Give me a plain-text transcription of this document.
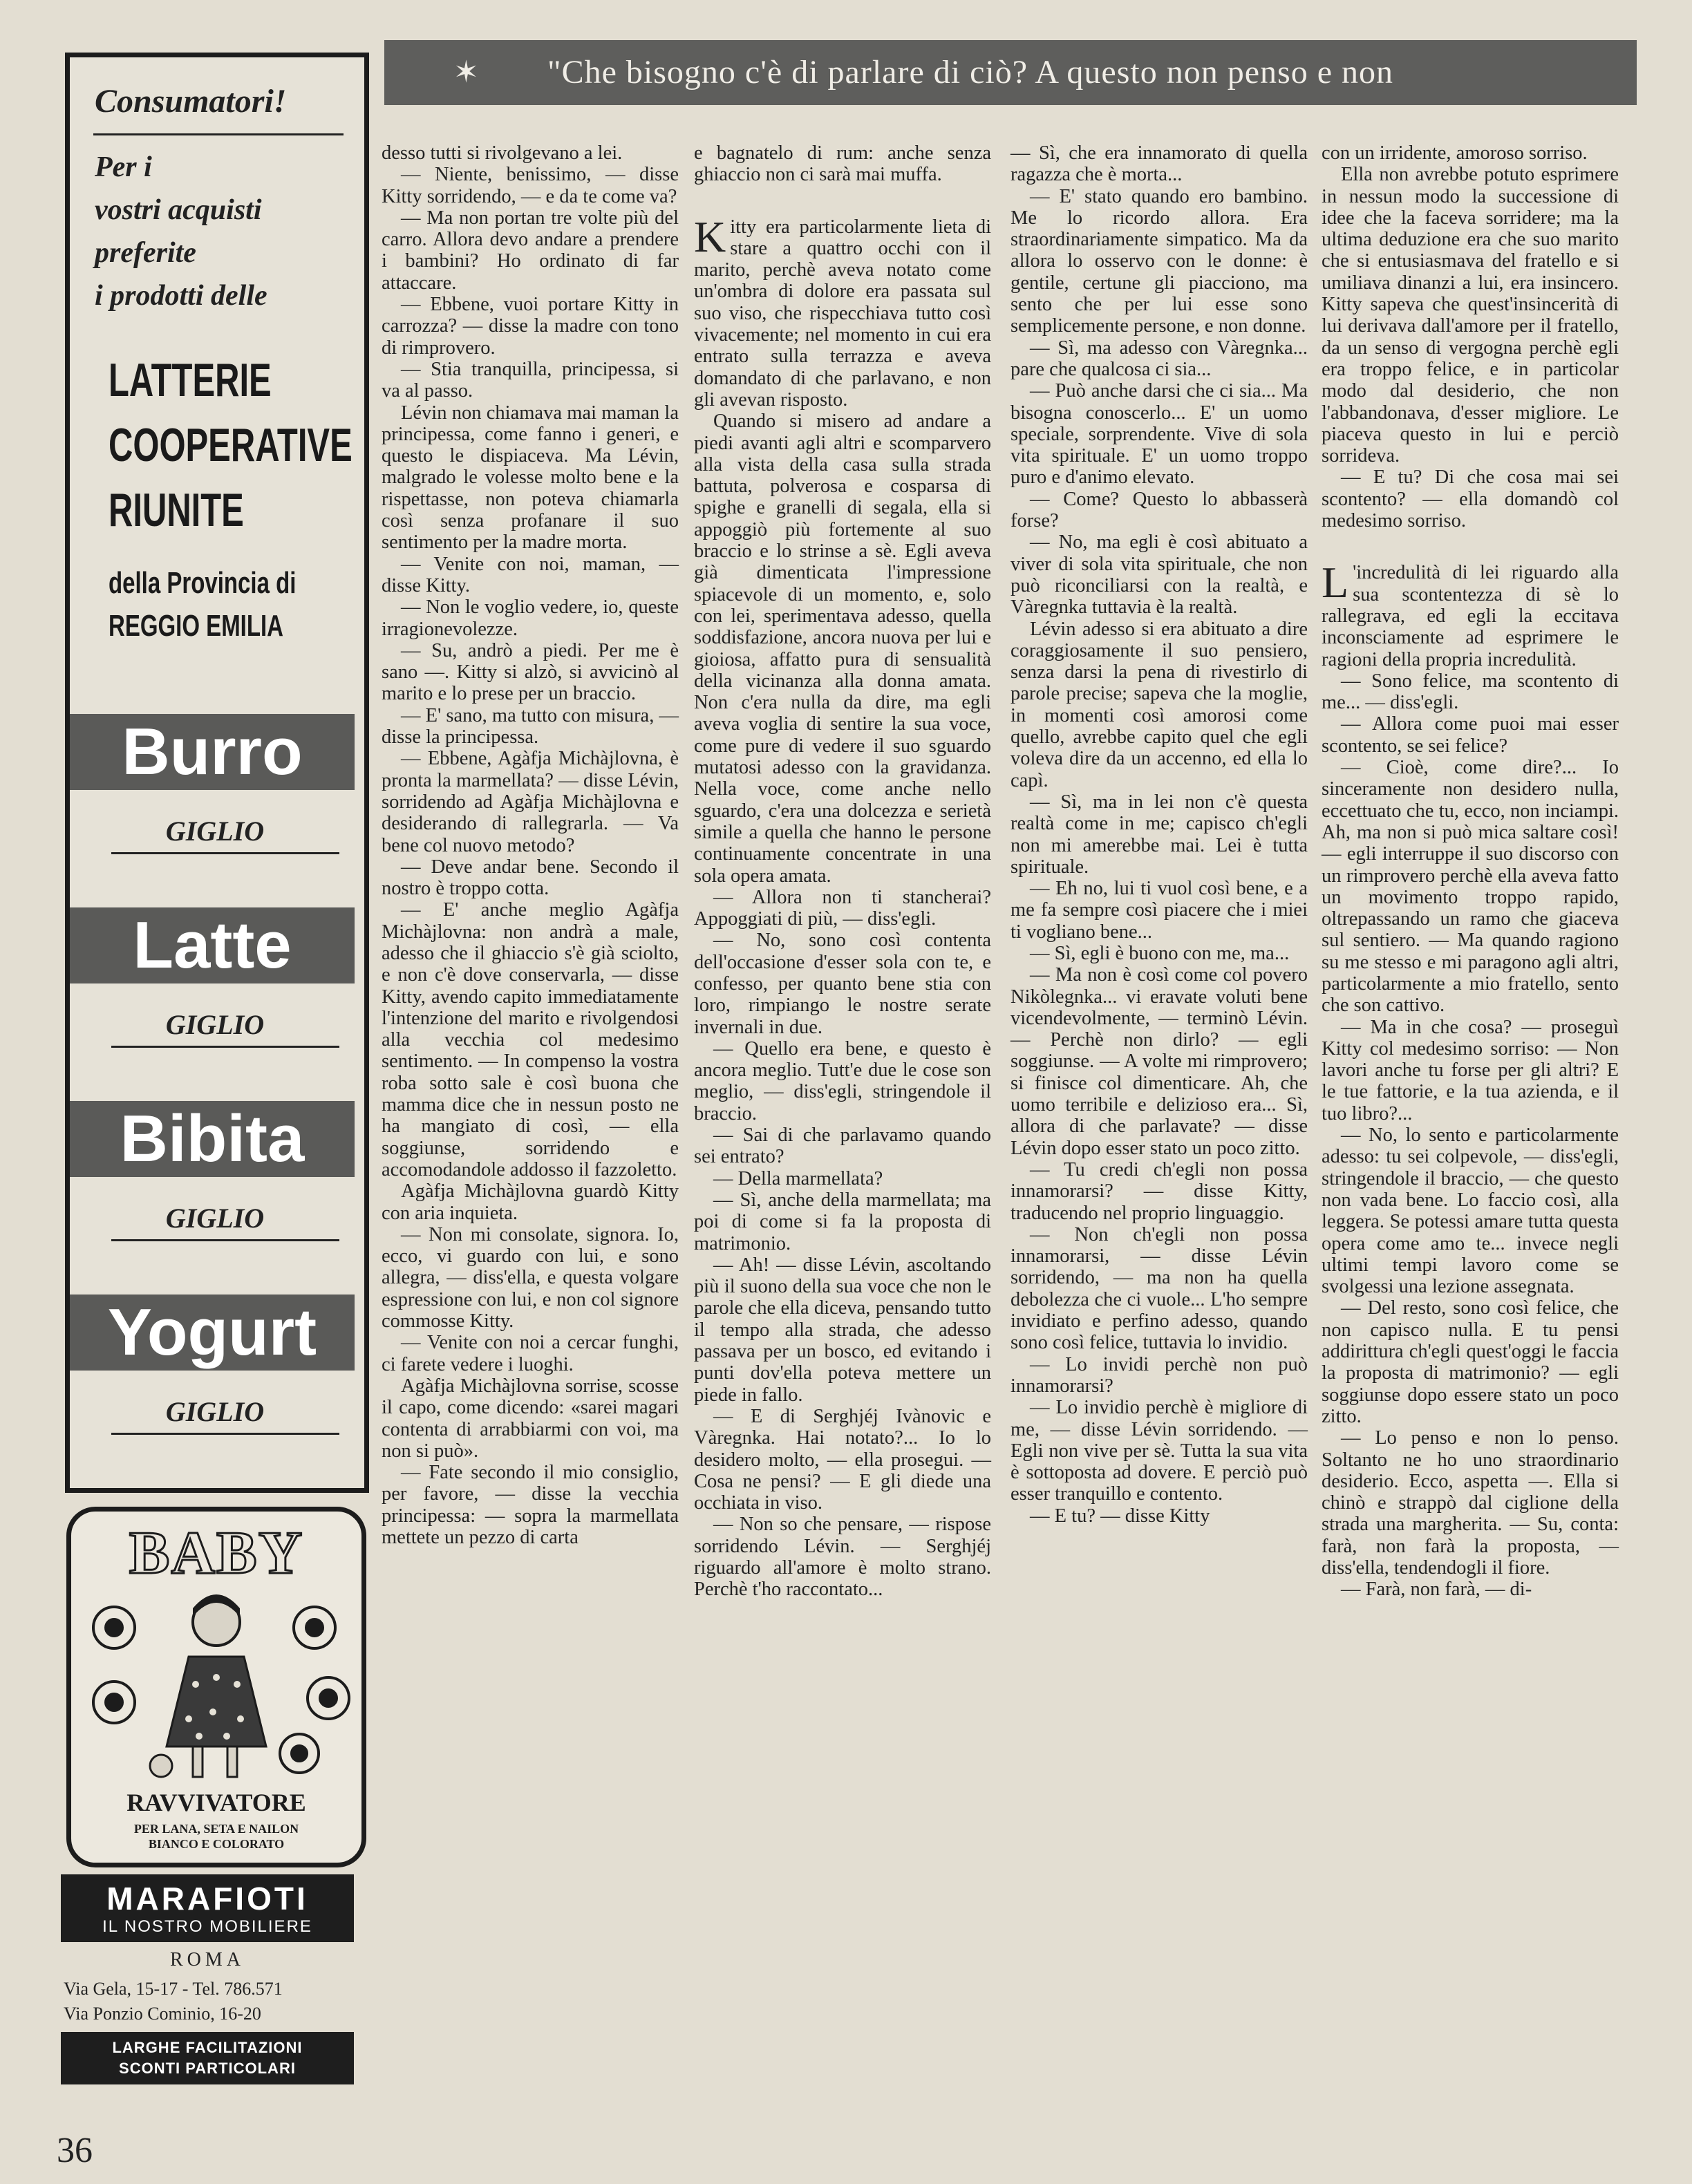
✶ "Che bisogno c'è di parlare di ciò? A questo non penso e non
Consumatori!
Per i
vostri acquisti
preferite
i prodotti delle
LATTERIE
COOPERATIVE
RIUNITE
della Provincia di
REGGIO EMILIA
Burro
GIGLIO
Latte
GIGLIO
Bibita
GIGLIO
Yogurt
GIGLIO
BABY
RAVVIVATORE
PER LANA, SETA E NAILON
BIANCO E COLORATO
MARAFIOTI
IL NOSTRO MOBILIERE
ROMA
Via Gela, 15-17 - Tel. 786.571
Via Ponzio Cominio, 16-20
LARGHE FACILITAZIONI
SCONTI PARTICOLARI
36

desso tutti si rivolgevano a lei.

— Niente, benissimo, — disse Kitty sorridendo, — e da te come va?

— Ma non portan tre volte più del carro. Allora devo andare a prendere i bambini? Ho ordinato di far attaccare.

— Ebbene, vuoi portare Kitty in carrozza? — disse la madre con tono di rimprovero.

— Stia tranquilla, principessa, si va al passo.

Lévin non chiamava mai maman la principessa, come fanno i generi, e questo le dispiaceva. Ma Lévin, malgrado le volesse molto bene e la rispettasse, non poteva chiamarla così senza profanare il suo sentimento per la madre morta.

— Venite con noi, maman, — disse Kitty.

— Non le voglio vedere, io, queste irragionevolezze.

— Su, andrò a piedi. Per me è sano —. Kitty si alzò, si avvicinò al marito e lo prese per un braccio.

— E' sano, ma tutto con misura, — disse la principessa.

— Ebbene, Agàfja Michàjlovna, è pronta la marmellata? — disse Lévin, sorridendo ad Agàfja Michàjlovna e desiderando di rallegrarla. — Va bene col nuovo metodo?

— Deve andar bene. Secondo il nostro è troppo cotta.

— E' anche meglio Agàfja Michàjlovna: non andrà a male, adesso che il ghiaccio s'è già sciolto, e non c'è dove conservarla, — disse Kitty, avendo capito immediatamente l'intenzione del marito e rivolgendosi alla vecchia col medesimo sentimento. — In compenso la vostra roba sotto sale è così buona che mamma dice che in nessun posto ne ha mangiato di così, — ella soggiunse, sorridendo e accomodandole addosso il fazzoletto.

Agàfja Michàjlovna guardò Kitty con aria inquieta.

— Non mi consolate, signora. Io, ecco, vi guardo con lui, e sono allegra, — diss'ella, e questa volgare espressione con lui, e non col signore commosse Kitty.

— Venite con noi a cercar funghi, ci farete vedere i luoghi.

Agàfja Michàjlovna sorrise, scosse il capo, come dicendo: «sarei magari contenta di arrabbiarmi con voi, ma non si può».

— Fate secondo il mio consiglio, per favore, — disse la vecchia principessa: — sopra la marmellata mettete un pezzo di carta

e bagnatelo di rum: anche senza ghiaccio non ci sarà mai muffa.

Kitty era particolarmente lieta di stare a quattro occhi con il marito, perchè aveva notato come un'ombra di dolore era passata sul suo viso, che rispecchiava tutto così vivacemente; nel momento in cui era entrato sulla terrazza e aveva domandato di che parlavano, e non gli avevan risposto.

Quando si misero ad andare a piedi avanti agli altri e scomparvero alla vista della casa sulla strada battuta, polverosa e cosparsa di spighe e granelli di segala, ella si appoggiò più fortemente al suo braccio e lo strinse a sè. Egli aveva già dimenticata l'impressione spiacevole di un momento, e, solo con lei, sperimentava adesso, quella soddisfazione, ancora nuova per lui e gioiosa, affatto pura di sensualità della vicinanza alla donna amata. Non c'era nulla da dire, ma egli aveva voglia di sentire la sua voce, come pure di vedere il suo sguardo mutatosi adesso con la gravidanza. Nella voce, come anche nello sguardo, c'era una dolcezza e serietà simile a quella che hanno le persone continuamente concentrate in una sola opera amata.

— Allora non ti stancherai? Appoggiati di più, — diss'egli.

— No, sono così contenta dell'occasione d'esser sola con te, e confesso, per quanto bene stia con loro, rimpiango le nostre serate invernali in due.

— Quello era bene, e questo è ancora meglio. Tutt'e due le cose son meglio, — diss'egli, stringendole il braccio.

— Sai di che parlavamo quando sei entrato?

— Della marmellata?

— Sì, anche della marmellata; ma poi di come si fa la proposta di matrimonio.

— Ah! — disse Lévin, ascoltando più il suono della sua voce che non le parole che ella diceva, pensando tutto il tempo alla strada, che adesso passava per un bosco, ed evitando i punti dov'ella poteva mettere un piede in fallo.

— E di Serghjéj Ivànovic e Vàregnka. Hai notato?... Io lo desidero molto, — ella prosegui. — Cosa ne pensi? — E gli diede una occhiata in viso.

— Non so che pensare, — rispose sorridendo Lévin. — Serghjéj riguardo all'amore è molto strano. Perchè t'ho raccontato...

— Sì, che era innamorato di quella ragazza che è morta...

— E' stato quando ero bambino. Me lo ricordo allora. Era straordinariamente simpatico. Ma da allora lo osservo con le donne: è gentile, certune gli piacciono, ma sento che per lui esse sono semplicemente persone, e non donne.

— Sì, ma adesso con Vàregnka... pare che qualcosa ci sia...

— Può anche darsi che ci sia... Ma bisogna conoscerlo... E' un uomo speciale, sorprendente. Vive di sola vita spirituale. E' un uomo troppo puro e d'animo elevato.

— Come? Questo lo abbasserà forse?

— No, ma egli è così abituato a viver di sola vita spirituale, che non può riconciliarsi con la realtà, e Vàregnka tuttavia è la realtà.

Lévin adesso si era abituato a dire coraggiosamente il suo pensiero, senza darsi la pena di rivestirlo di parole precise; sapeva che la moglie, in momenti così amorosi come quello, avrebbe capito quel che egli voleva dire da un accenno, ed ella lo capì.

— Sì, ma in lei non c'è questa realtà come in me; capisco ch'egli non mi amerebbe mai. Lei è tutta spirituale.

— Eh no, lui ti vuol così bene, e a me fa sempre così piacere che i miei ti vogliano bene...

— Sì, egli è buono con me, ma...

— Ma non è così come col povero Nikòlegnka... vi eravate voluti bene vicendevolmente, — terminò Lévin. — Perchè non dirlo? — egli soggiunse. — A volte mi rimprovero; si finisce col dimenticare. Ah, che uomo terribile e delizioso era... Sì, allora di che parlavate? — disse Lévin dopo esser stato un poco zitto.

— Tu credi ch'egli non possa innamorarsi? — disse Kitty, traducendo nel proprio linguaggio.

— Non ch'egli non possa innamorarsi, — disse Lévin sorridendo, — ma non ha quella debolezza che ci vuole... L'ho sempre invidiato e perfino adesso, quando sono così felice, tuttavia lo invidio.

— Lo invidi perchè non può innamorarsi?

— Lo invidio perchè è migliore di me, — disse Lévin sorridendo. — Egli non vive per sè. Tutta la sua vita è sottoposta ad dovere. E perciò può esser tranquillo e contento.

— E tu? — disse Kitty

con un irridente, amoroso sorriso.

Ella non avrebbe potuto esprimere in nessun modo la successione di idee che la faceva sorridere; ma la ultima deduzione era che suo marito che si entusiasmava del fratello e si umiliava dinanzi a lui, era insincero. Kitty sapeva che quest'insincerità di lui derivava dall'amore per il fratello, da un senso di vergogna perchè egli era troppo felice, e in particolar modo dal desiderio, che non l'abbandonava, d'esser migliore. Le piaceva questo in lui e perciò sorrideva.

— E tu? Di che cosa mai sei scontento? — ella domandò col medesimo sorriso.

L 'incredulità di lei riguardo alla sua scontentezza di sè lo rallegrava, ed egli la eccitava inconsciamente ad esprimere le ragioni della propria incredulità.

— Sono felice, ma scontento di me... — diss'egli.

— Allora come puoi mai esser scontento, se sei felice?

— Cioè, come dire?... Io sinceramente non desidero nulla, eccettuato che tu, ecco, non inciampi. Ah, ma non si può mica saltare così! — egli interruppe il suo discorso con un rimprovero perchè ella aveva fatto un movimento troppo rapido, oltrepassando un ramo che giaceva sul sentiero. — Ma quando ragiono su me stesso e mi paragono agli altri, particolarmente a mio fratello, sento che son cattivo.

— Ma in che cosa? — proseguì Kitty col medesimo sorriso: — Non lavori anche tu forse per gli altri? E le tue fattorie, e la tua azienda, e il tuo libro?...

— No, lo sento e particolarmente adesso: tu sei colpevole, — diss'egli, stringendole il braccio, — che questo non vada bene. Lo faccio così, alla leggera. Se potessi amare tutta questa opera come amo te... invece negli ultimi tempi lavoro come se svolgessi una lezione assegnata.

— Del resto, sono così felice, che non capisco nulla. E tu pensi addirittura ch'egli quest'oggi le faccia la proposta di matrimonio? — egli soggiunse dopo essere stato un poco zitto.

— Lo penso e non lo penso. Soltanto ne ho uno straordinario desiderio. Ecco, aspetta —. Ella si chinò e strappò dal ciglione della strada una margherita. — Su, conta: farà, non farà la proposta, — diss'ella, tendendogli il fiore.

— Farà, non farà, — di-
